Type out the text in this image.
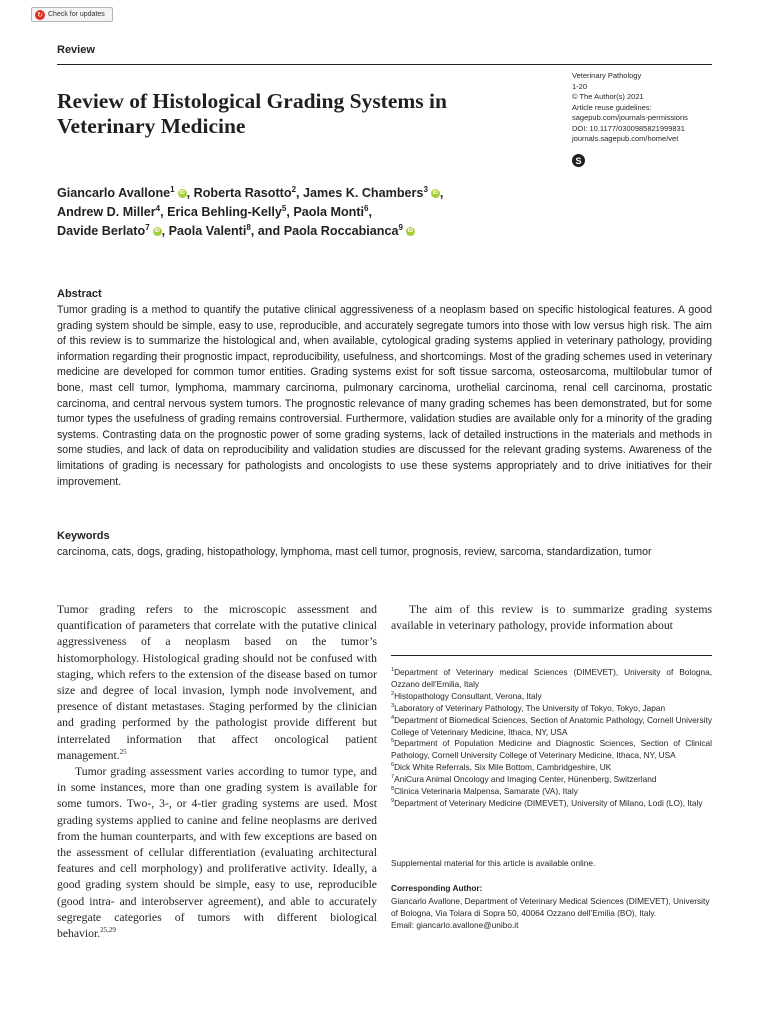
↻ Check for updates
Review
Review of Histological Grading Systems in Veterinary Medicine
Veterinary Pathology
1-20
© The Author(s) 2021
Article reuse guidelines:
sagepub.com/journals-permissions
DOI: 10.1177/0300985821999831
journals.sagepub.com/home/vet
S
Giancarlo Avallone$^1$ iD , Roberta Rasotto$^2$, James K. Chambers$^3$ iD ,
Andrew D. Miller$^4$, Erica Behling-Kelly$^5$, Paola Monti$^6$,
Davide Berlato$^7$ iD , Paola Valenti$^8$, and Paola Roccabianca$^9$ iD
Abstract

Tumor grading is a method to quantify the putative clinical aggressiveness of a neoplasm based on specific histological features. A good grading system should be simple, easy to use, reproducible, and accurately segregate tumors into those with low versus high risk. The aim of this review is to summarize the histological and, when available, cytological grading systems applied in veterinary pathology, providing information regarding their prognostic impact, reproducibility, usefulness, and shortcomings. Most of the grading schemes used in veterinary medicine are developed for common tumor entities. Grading systems exist for soft tissue sarcoma, osteosarcoma, multilobular tumor of bone, mast cell tumor, lymphoma, mammary carcinoma, pulmonary carcinoma, urothelial carcinoma, renal cell carcinoma, prostatic carcinoma, and central nervous system tumors. The prognostic relevance of many grading schemes has been demonstrated, but for some tumor types the usefulness of grading remains controversial. Furthermore, validation studies are available only for a minority of the grading systems. Contrasting data on the prognostic power of some grading systems, lack of detailed instructions in the materials and methods in some studies, and lack of data on reproducibility and validation studies are discussed for the relevant grading systems. Awareness of the limitations of grading is necessary for pathologists and oncologists to use these systems appropriately and to drive initiatives for their improvement.

Keywords
carcinoma, cats, dogs, grading, histopathology, lymphoma, mast cell tumor, prognosis, review, sarcoma, standardization, tumor

Tumor grading refers to the microscopic assessment and quantification of parameters that correlate with the putative clinical aggressiveness of a neoplasm based on the tumor’s histomorphology. Histological grading should not be confused with staging, which refers to the extension of the disease based on tumor size and degree of local invasion, lymph node involvement, and presence of distant metastases. Staging performed by the clinician and grading performed by the pathologist provide different but interrelated information that affect oncological patient management.$^{25}$

Tumor grading assessment varies according to tumor type, and in some instances, more than one grading system is available for some tumors. Two-, 3-, or 4-tier grading systems are used. Most grading systems applied to canine and feline neoplasms are derived from the human counterparts, and with few exceptions are based on the assessment of cellular differentiation (evaluating architectural features and cell morphology) and proliferative activity. Ideally, a good grading system should be simple, easy to use, reproducible (good intra- and interobserver agreement), and able to accurately segregate categories of tumors with different biological behavior.$^{25,29}$

The aim of this review is to summarize grading systems available in veterinary pathology, provide information about

$^1$Department of Veterinary medical Sciences (DIMEVET), University of Bologna, Ozzano dell’Emilia, Italy

$^2$Histopathology Consultant, Verona, Italy

$^3$Laboratory of Veterinary Pathology, The University of Tokyo, Tokyo, Japan

$^4$Department of Biomedical Sciences, Section of Anatomic Pathology, Cornell University College of Veterinary Medicine, Ithaca, NY, USA

$^5$Department of Population Medicine and Diagnostic Sciences, Section of Clinical Pathology, Cornell University College of Veterinary Medicine, Ithaca, NY, USA

$^6$Dick White Referrals, Six Mile Bottom, Cambridgeshire, UK

$^7$AniCura Animal Oncology and Imaging Center, Hünenberg, Switzerland

$^8$Clinica Veterinaria Malpensa, Samarate (VA), Italy

$^9$Department of Veterinary Medicine (DIMEVET), University of Milano, Lodi (LO), Italy

Supplemental material for this article is available online.

Corresponding Author:

Giancarlo Avallone, Department of Veterinary Medical Sciences (DIMEVET), University of Bologna, Via Tolara di Sopra 50, 40064 Ozzano dell’Emilia (BO), Italy.

Email: giancarlo.avallone@unibo.it
